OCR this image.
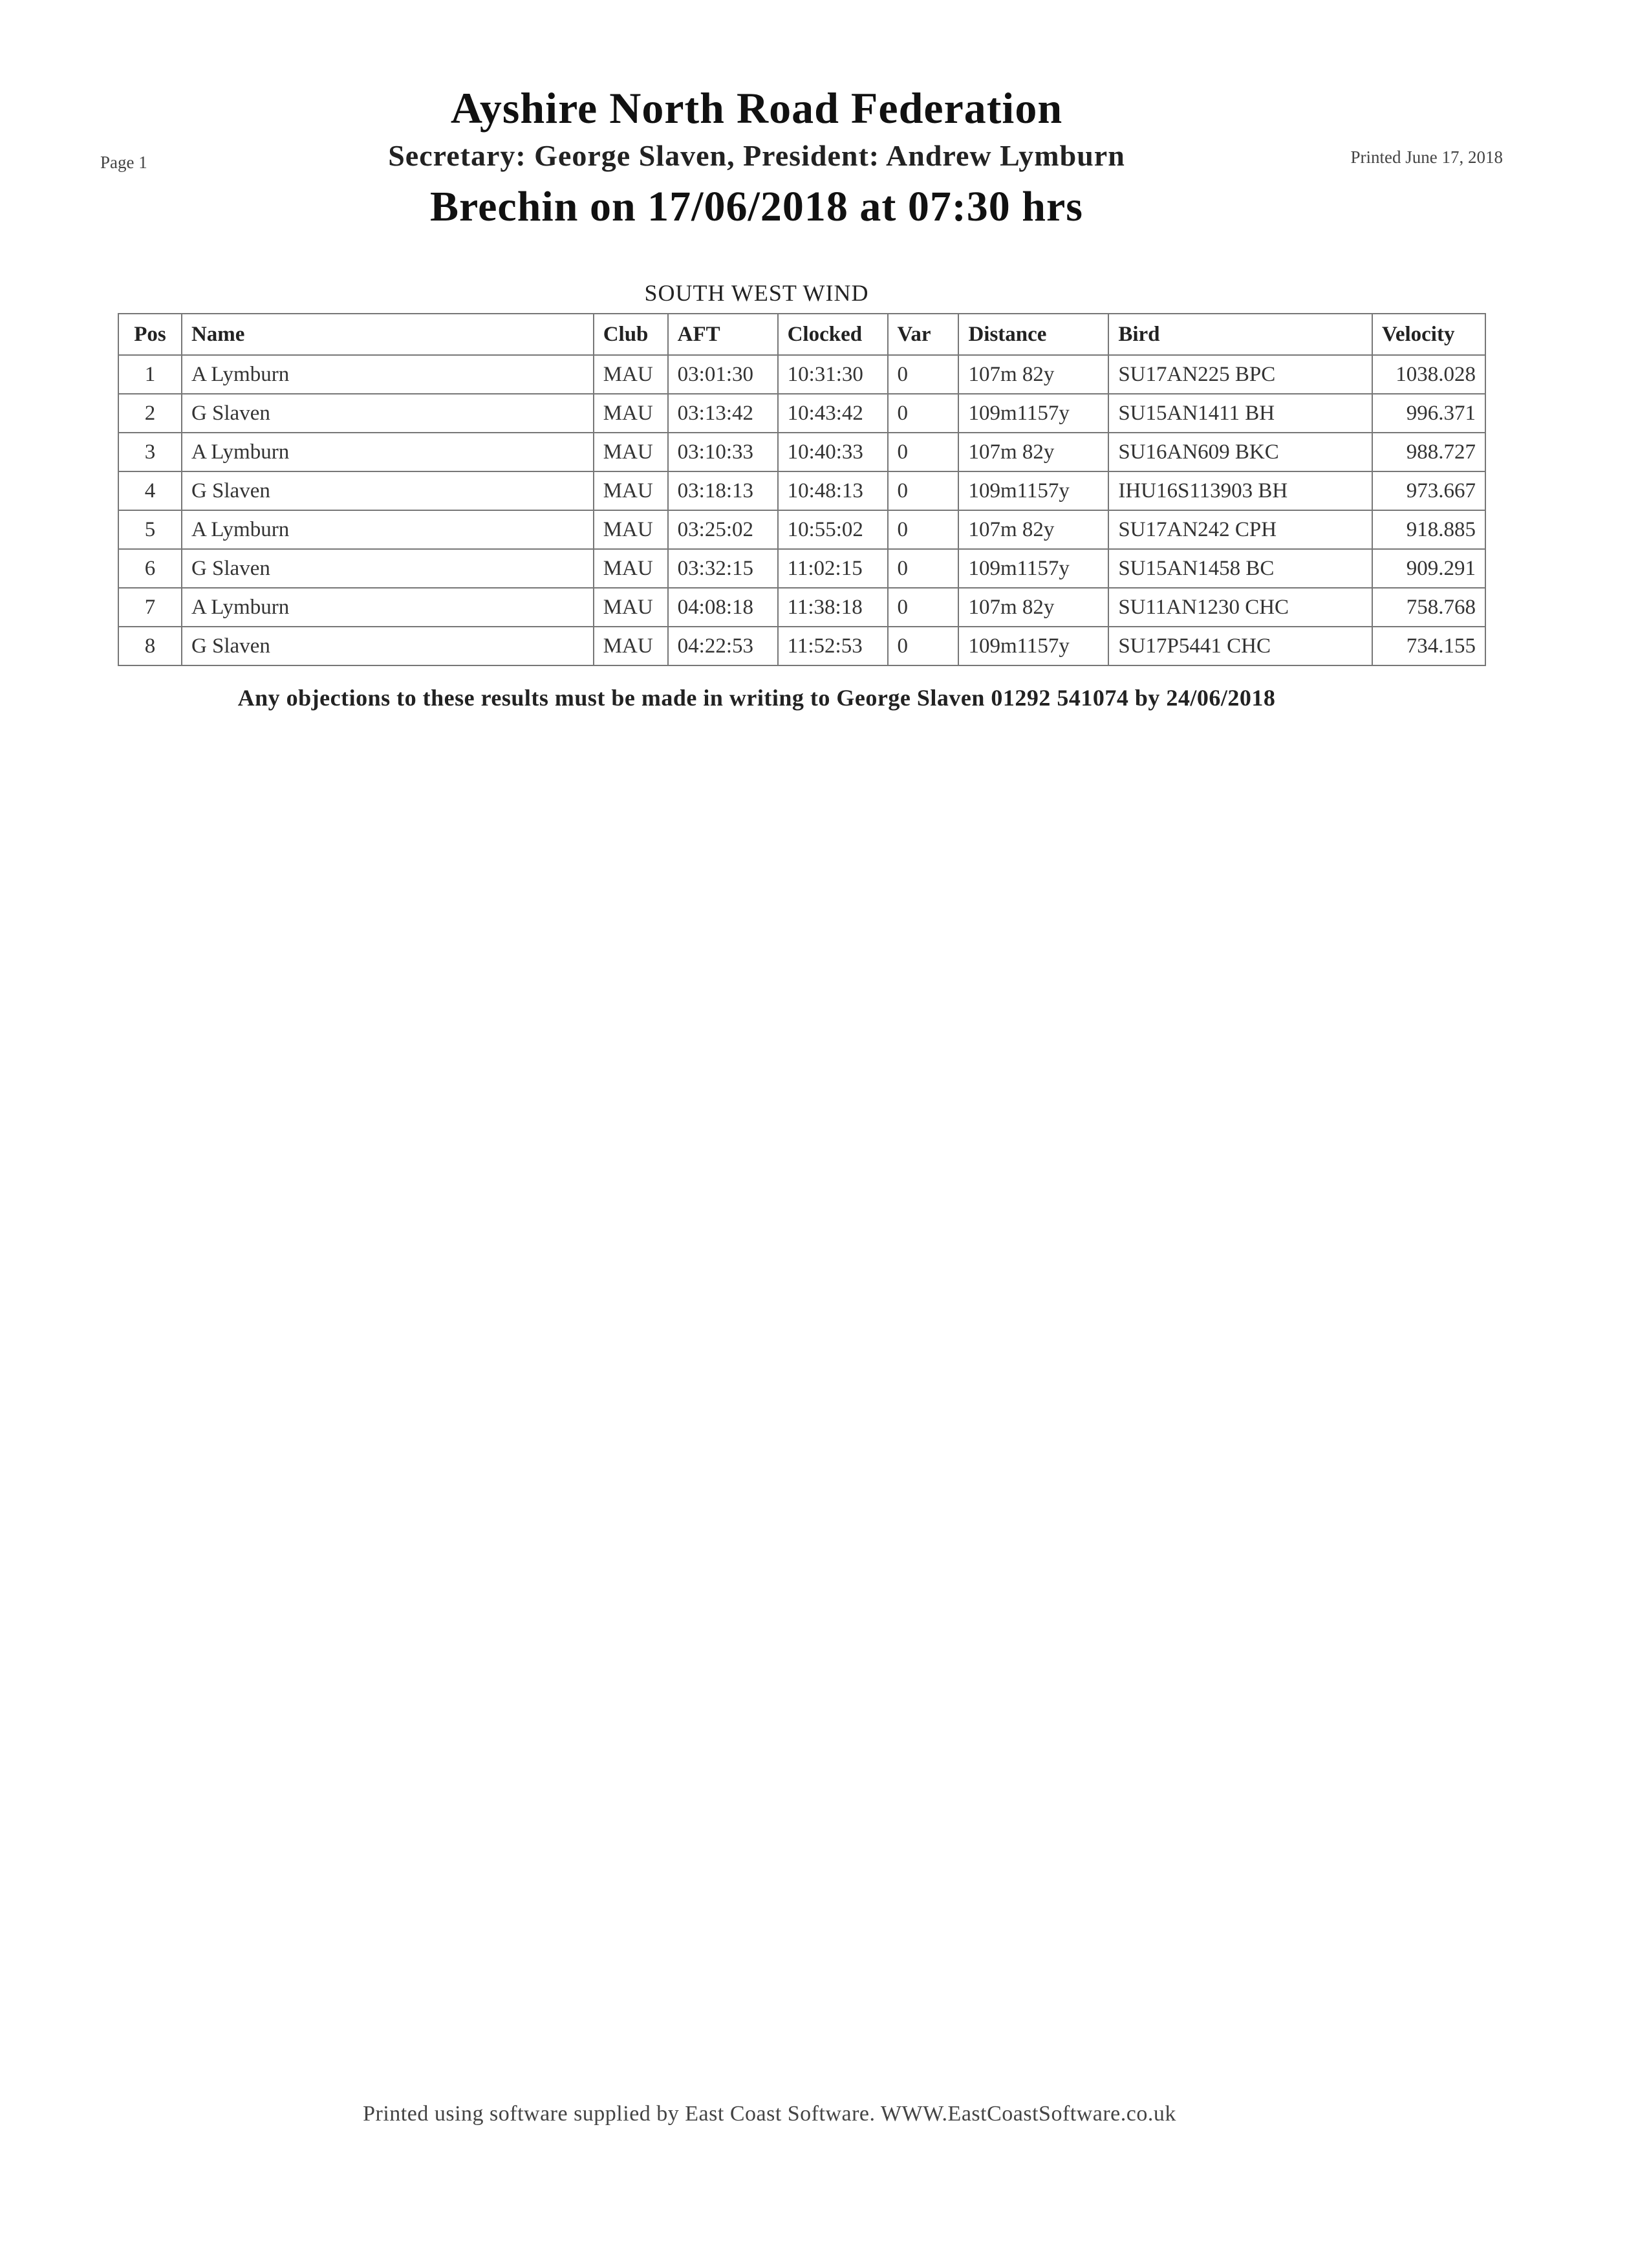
Page 1	Printed June 17, 2018
Ayshire North Road Federation
Secretary: George Slaven, President: Andrew Lymburn
Brechin on 17/06/2018 at 07:30 hrs
SOUTH WEST WIND
Pos	Name	Club	AFT	Clocked	Var	Distance	Bird	Velocity
1	A Lymburn	MAU	03:01:30	10:31:30	0	107m 82y	SU17AN225 BPC	1038.028
2	G Slaven	MAU	03:13:42	10:43:42	0	109m1157y	SU15AN1411 BH	996.371
3	A Lymburn	MAU	03:10:33	10:40:33	0	107m 82y	SU16AN609 BKC	988.727
4	G Slaven	MAU	03:18:13	10:48:13	0	109m1157y	IHU16S113903 BH	973.667
5	A Lymburn	MAU	03:25:02	10:55:02	0	107m 82y	SU17AN242 CPH	918.885
6	G Slaven	MAU	03:32:15	11:02:15	0	109m1157y	SU15AN1458 BC	909.291
7	A Lymburn	MAU	04:08:18	11:38:18	0	107m 82y	SU11AN1230 CHC	758.768
8	G Slaven	MAU	04:22:53	11:52:53	0	109m1157y	SU17P5441 CHC	734.155
Any objections to these results must be made in writing to George Slaven 01292 541074 by 24/06/2018
Printed using software supplied by East Coast Software. WWW.EastCoastSoftware.co.uk
